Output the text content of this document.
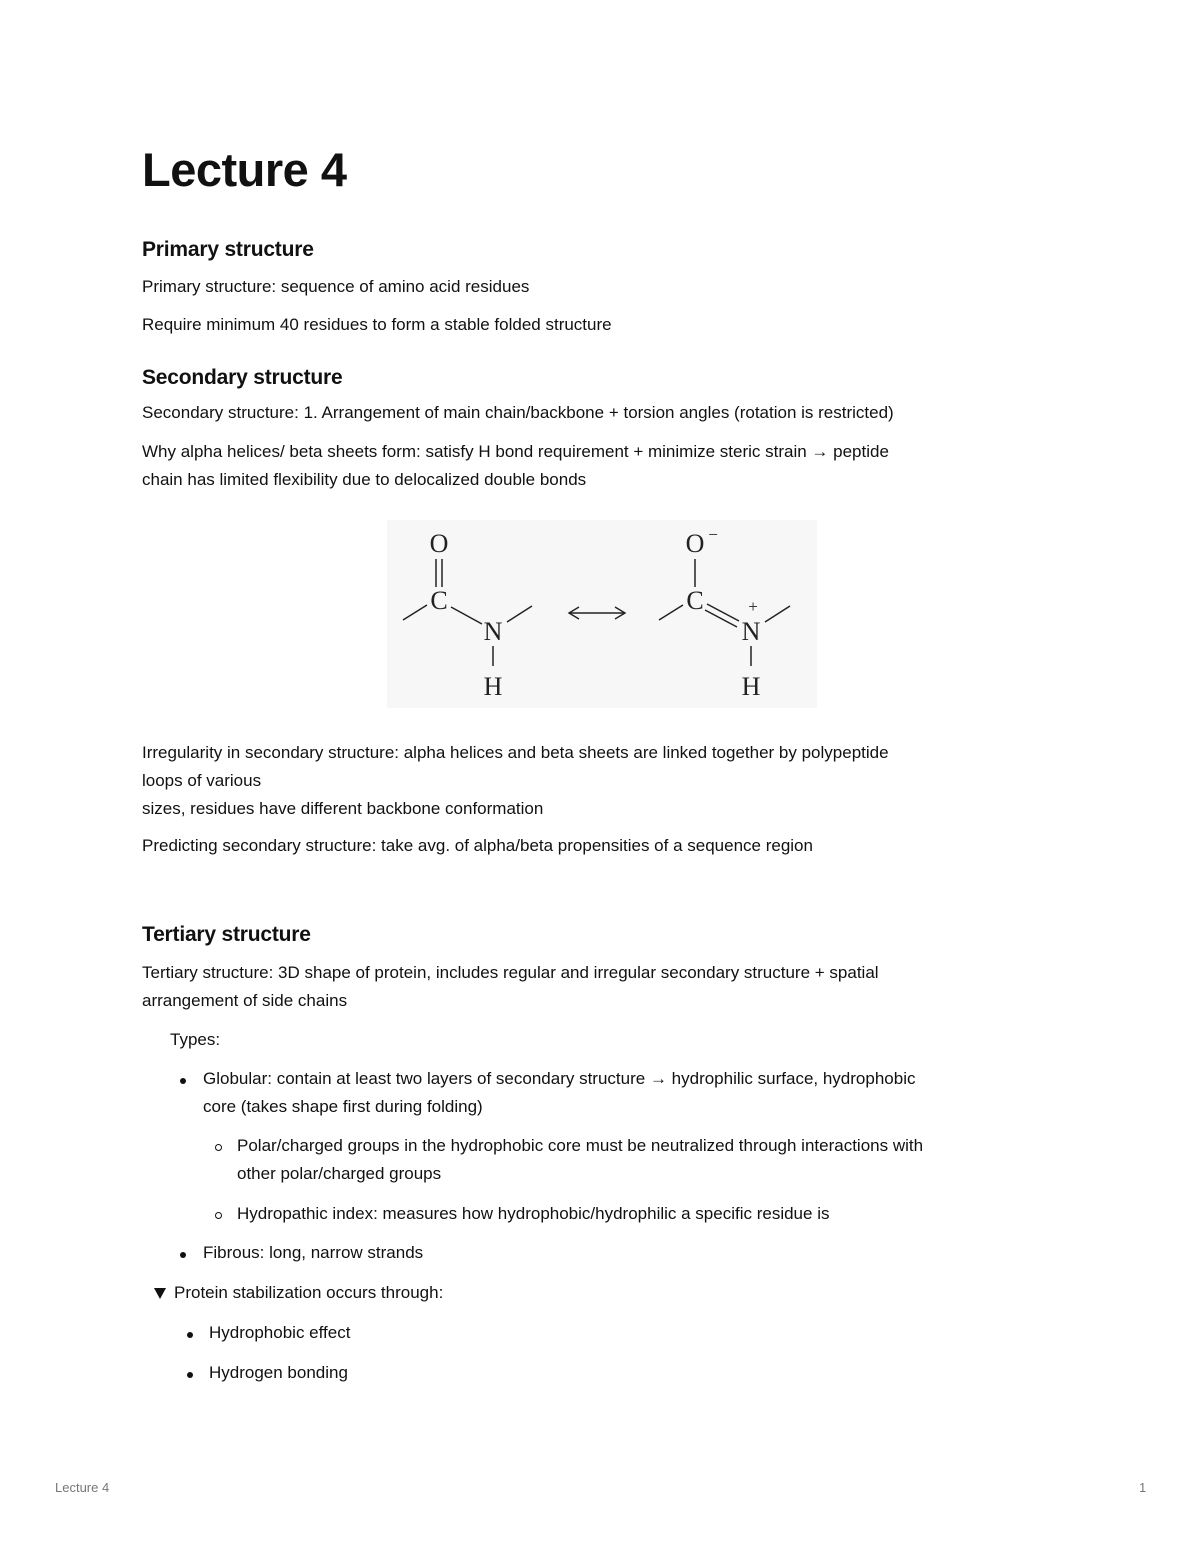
Lecture 4
Primary structure

Primary structure: sequence of amino acid residues

Require minimum 40 residues to form a stable folded structure

Secondary structure

Secondary structure: 1. Arrangement of main chain/backbone + torsion angles (rotation is restricted)

Why alpha helices/ beta sheets form: satisfy H bond requirement + minimize steric strain → peptide

chain has limited flexibility due to delocalized double bonds

O
C
N
H
O −
C
N
+
H

Irregularity in secondary structure: alpha helices and beta sheets are linked together by polypeptide

loops of various

sizes, residues have different backbone conformation

Predicting secondary structure: take avg. of alpha/beta propensities of a sequence region

Tertiary structure

Tertiary structure: 3D shape of protein, includes regular and irregular secondary structure + spatial

arrangement of side chains

Types:

Globular: contain at least two layers of secondary structure → hydrophilic surface, hydrophobic
core (takes shape first during folding)
Polar/charged groups in the hydrophobic core must be neutralized through interactions with
other polar/charged groups
Hydropathic index: measures how hydrophobic/hydrophilic a specific residue is
Fibrous: long, narrow strands
Protein stabilization occurs through:
Hydrophobic effect
Hydrogen bonding
Lecture 4	1
